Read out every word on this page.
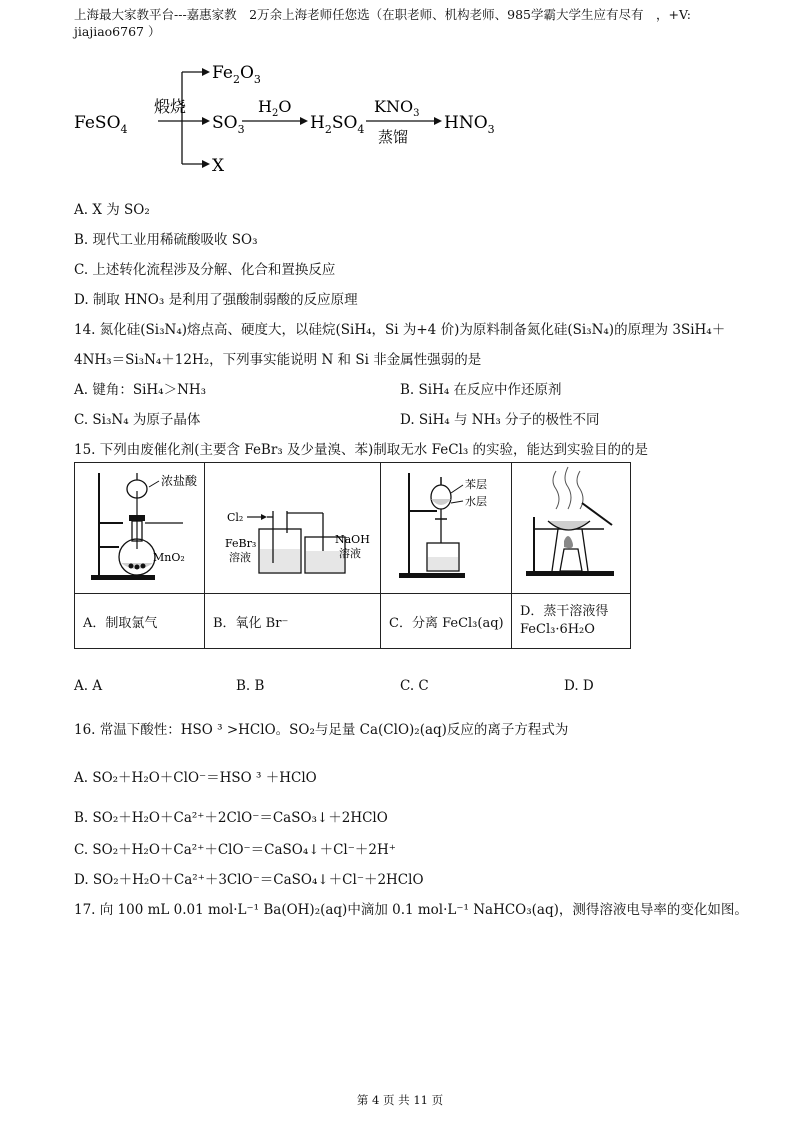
上海最大家教平台---嘉惠家教　2万余上海老师任您选（在职老师、机构老师、985学霸大学生应有尽有　，+V: jiajiao6767 ）
FeSO$_4$
煅烧
$Fe_2O_3$
$SO_3$
X
$H_2O$
$H_2SO_4$
$KNO_3$
蒸馏
$HNO_3$
A. X 为 SO₂
B. 现代工业用稀硫酸吸收 SO₃
C. 上述转化流程涉及分解、化合和置换反应
D. 制取 HNO₃ 是利用了强酸制弱酸的反应原理
14. 氮化硅(Si₃N₄)熔点高、硬度大，以硅烷(SiH₄，Si 为+4 价)为原料制备氮化硅(Si₃N₄)的原理为 3SiH₄＋
4NH₃＝Si₃N₄＋12H₂，下列事实能说明 N 和 Si 非金属性强弱的是
A. 键角：SiH₄＞NH₃	B. SiH₄ 在反应中作还原剂
C. Si₃N₄ 为原子晶体	D. SiH₄ 与 NH₃ 分子的极性不同
15. 下列由废催化剂(主要含 FeBr₃ 及少量溴、苯)制取无水 FeCl₃ 的实验，能达到实验目的的是
浓盐酸
MnO₂	Cl₂
FeBr₃
溶液
NaOH
溶液	苯层
水层

A．制取氯气	B．氧化 Br⁻	C．分离 FeCl₃(aq)	D．蒸干溶液得
FeCl₃·6H₂O
A. A	B. B	C. C	D. D
16. 常温下酸性：HSO ³ >HClO。SO₂与足量 Ca(ClO)₂(aq)反应的离子方程式为
A. SO₂＋H₂O＋ClO⁻＝HSO ³ ＋HClO
B. SO₂＋H₂O＋Ca²⁺＋2ClO⁻＝CaSO₃↓＋2HClO
C. SO₂＋H₂O＋Ca²⁺＋ClO⁻＝CaSO₄↓＋Cl⁻＋2H⁺
D. SO₂＋H₂O＋Ca²⁺＋3ClO⁻＝CaSO₄↓＋Cl⁻＋2HClO
17. 向 100 mL 0.01 mol·L⁻¹ Ba(OH)₂(aq)中滴加 0.1 mol·L⁻¹ NaHCO₃(aq)，测得溶液电导率的变化如图。
第 4 页 共 11 页
